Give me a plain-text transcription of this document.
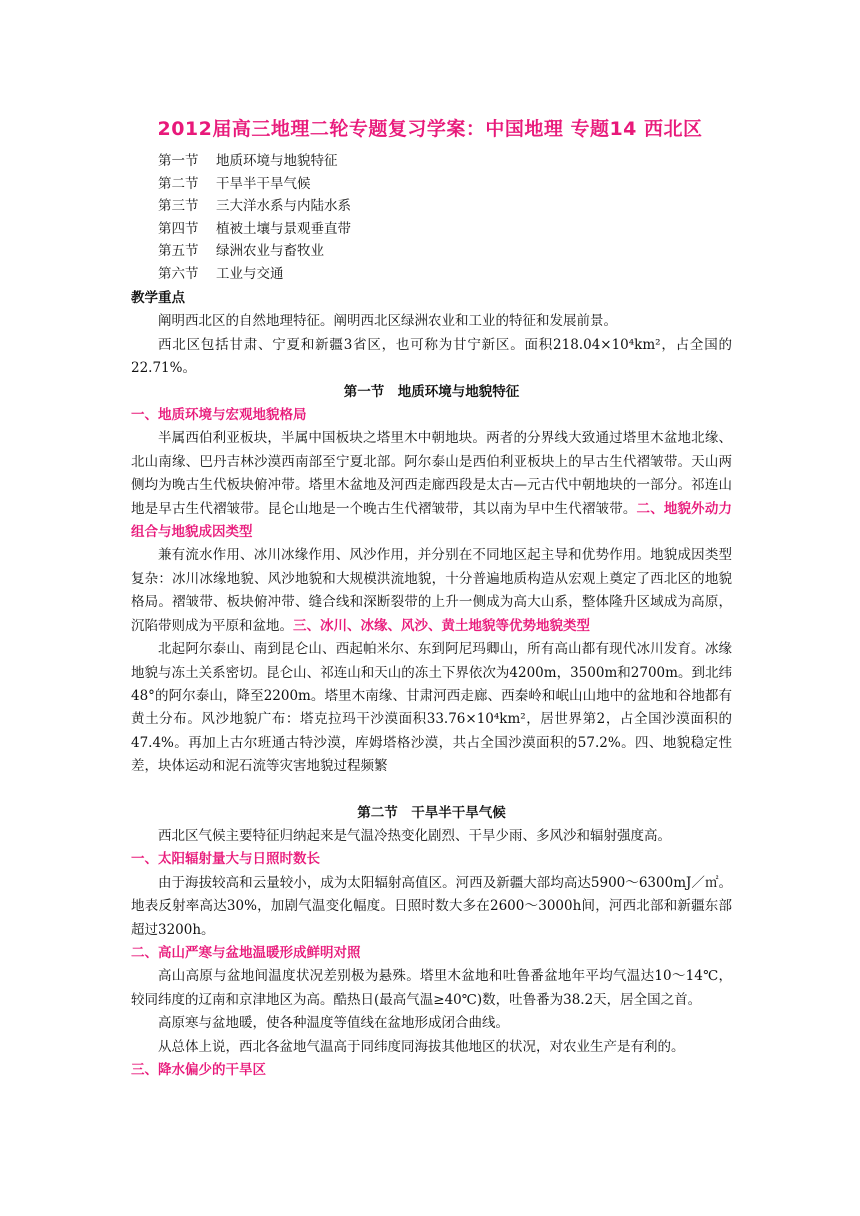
2012届高三地理二轮专题复习学案：中国地理 专题14 西北区
第一节 地质环境与地貌特征
第二节 干旱半干旱气候
第三节 三大洋水系与内陆水系
第四节 植被土壤与景观垂直带
第五节 绿洲农业与畜牧业
第六节 工业与交通
教学重点

阐明西北区的自然地理特征。阐明西北区绿洲农业和工业的特征和发展前景。

西北区包括甘肃、宁夏和新疆3省区，也可称为甘宁新区。面积218.04×10⁴km²，占全国的22.71%。

第一节　地质环境与地貌特征
一、地质环境与宏观地貌格局

半属西伯利亚板块，半属中国板块之塔里木中朝地块。两者的分界线大致通过塔里木盆地北缘、北山南缘、巴丹吉林沙漠西南部至宁夏北部。阿尔泰山是西伯利亚板块上的早古生代褶皱带。天山两侧均为晚古生代板块俯冲带。塔里木盆地及河西走廊西段是太古—元古代中朝地块的一部分。祁连山地是早古生代褶皱带。昆仑山地是一个晚古生代褶皱带，其以南为早中生代褶皱带。二、地貌外动力组合与地貌成因类型

兼有流水作用、冰川冰缘作用、风沙作用，并分别在不同地区起主导和优势作用。地貌成因类型复杂：冰川冰缘地貌、风沙地貌和大规模洪流地貌，十分普遍地质构造从宏观上奠定了西北区的地貌格局。褶皱带、板块俯冲带、缝合线和深断裂带的上升一侧成为高大山系，整体隆升区域成为高原，沉陷带则成为平原和盆地。三、冰川、冰缘、风沙、黄土地貌等优势地貌类型

北起阿尔泰山、南到昆仑山、西起帕米尔、东到阿尼玛卿山，所有高山都有现代冰川发育。冰缘地貌与冻土关系密切。昆仑山、祁连山和天山的冻土下界依次为4200m，3500m和2700m。到北纬48°的阿尔泰山，降至2200m。塔里木南缘、甘肃河西走廊、西秦岭和岷山山地中的盆地和谷地都有黄土分布。风沙地貌广布：塔克拉玛干沙漠面积33.76×10⁴km²，居世界第2，占全国沙漠面积的47.4%。再加上古尔班通古特沙漠，库姆塔格沙漠，共占全国沙漠面积的57.2%。四、地貌稳定性差，块体运动和泥石流等灾害地貌过程频繁

第二节　干旱半干旱气候

西北区气候主要特征归纳起来是气温冷热变化剧烈、干旱少雨、多风沙和辐射强度高。

一、太阳辐射量大与日照时数长

由于海拔较高和云量较小，成为太阳辐射高值区。河西及新疆大部均高达5900～6300mJ／㎡。地表反射率高达30%，加剧气温变化幅度。日照时数大多在2600～3000h间，河西北部和新疆东部超过3200h。

二、高山严寒与盆地温暖形成鲜明对照

高山高原与盆地间温度状况差别极为悬殊。塔里木盆地和吐鲁番盆地年平均气温达10～14℃，较同纬度的辽南和京津地区为高。酷热日(最高气温≥40℃)数，吐鲁番为38.2天，居全国之首。

高原寒与盆地暖，使各种温度等值线在盆地形成闭合曲线。

从总体上说，西北各盆地气温高于同纬度同海拔其他地区的状况，对农业生产是有利的。

三、降水偏少的干旱区
